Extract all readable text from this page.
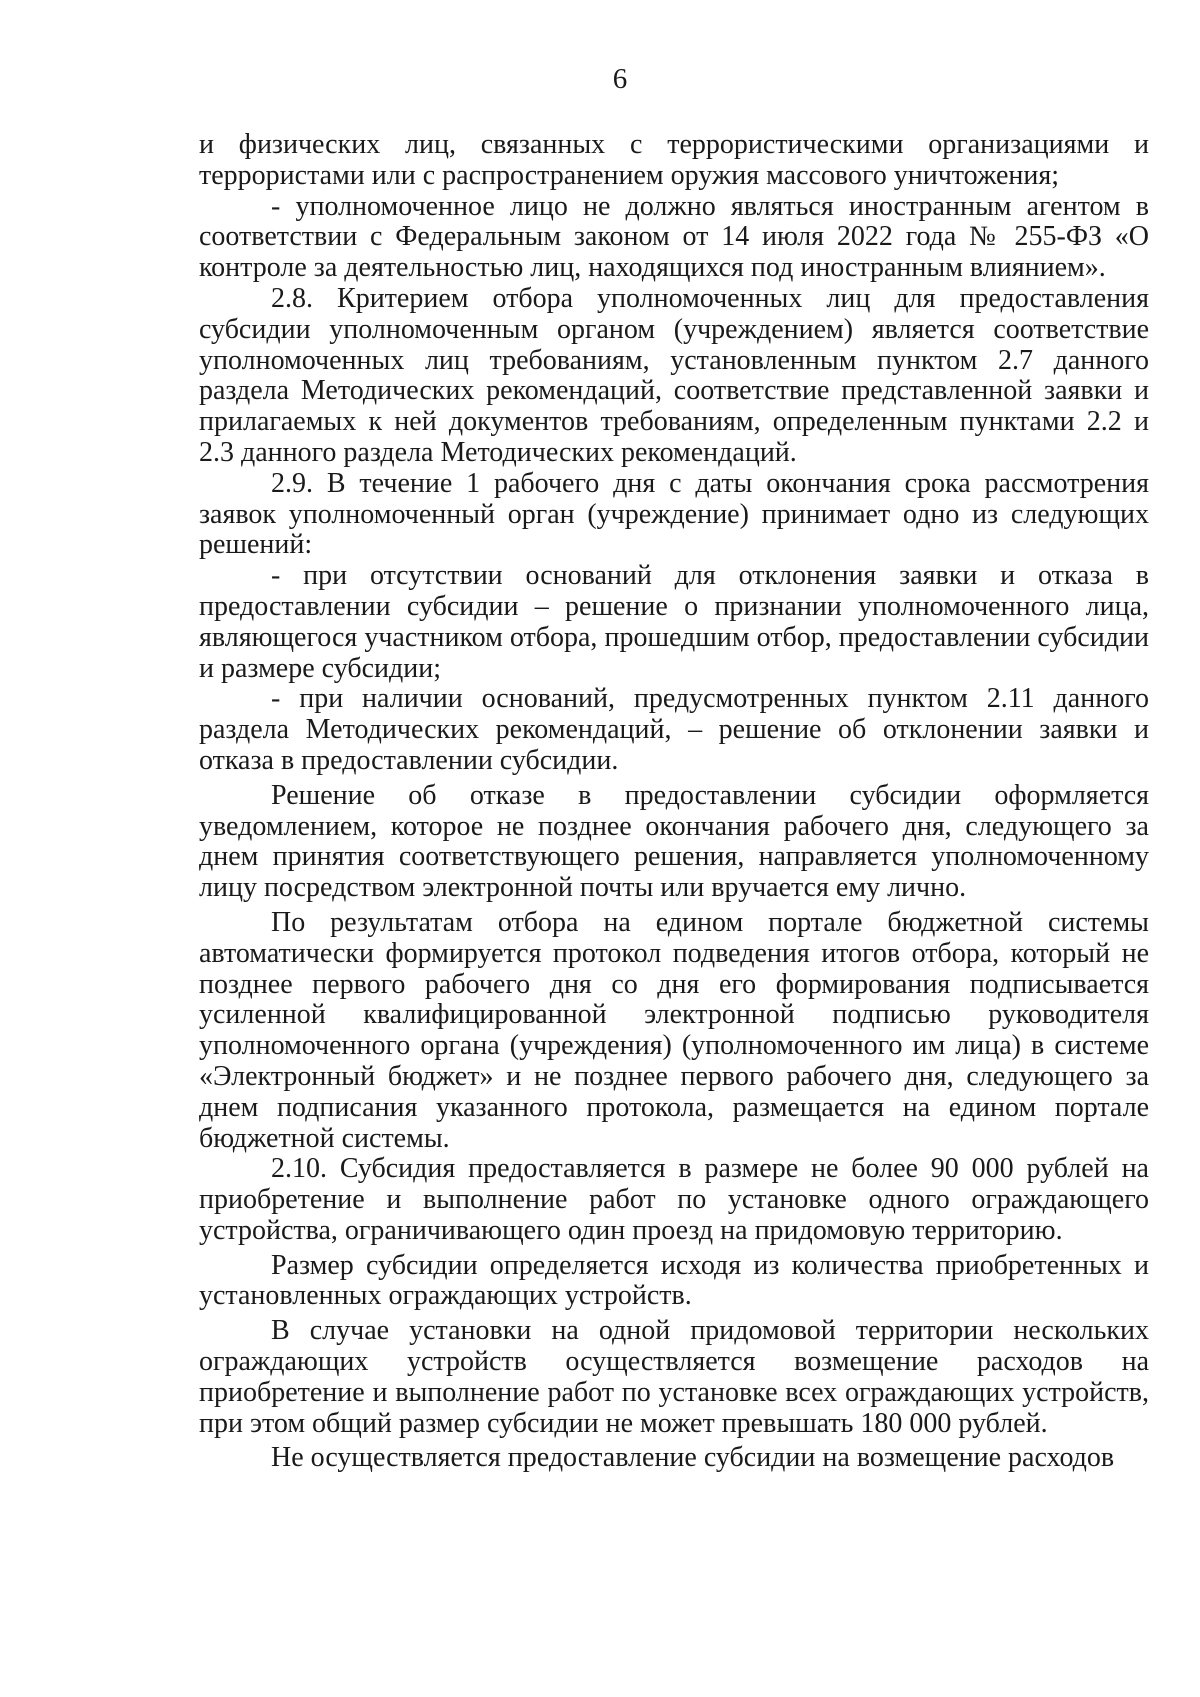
6

и физических лиц, связанных с террористическими организациями и террористами или с распространением оружия массового уничтожения;

- уполномоченное лицо не должно являться иностранным агентом в соответствии с Федеральным законом от 14 июля 2022 года № 255-ФЗ «О контроле за деятельностью лиц, находящихся под иностранным влиянием».

2.8. Критерием отбора уполномоченных лиц для предоставления субсидии уполномоченным органом (учреждением) является соответствие уполномоченных лиц требованиям, установленным пунктом 2.7 данного раздела Методических рекомендаций, соответствие представленной заявки и прилагаемых к ней документов требованиям, определенным пунктами 2.2 и 2.3 данного раздела Методических рекомендаций.

2.9. В течение 1 рабочего дня с даты окончания срока рассмотрения заявок уполномоченный орган (учреждение) принимает одно из следующих решений:

- при отсутствии оснований для отклонения заявки и отказа в предоставлении субсидии – решение о признании уполномоченного лица, являющегося участником отбора, прошедшим отбор, предоставлении субсидии и размере субсидии;

- при наличии оснований, предусмотренных пунктом 2.11 данного раздела Методических рекомендаций, – решение об отклонении заявки и отказа в предоставлении субсидии.

Решение об отказе в предоставлении субсидии оформляется уведомлением, которое не позднее окончания рабочего дня, следующего за днем принятия соответствующего решения, направляется уполномоченному лицу посредством электронной почты или вручается ему лично.

По результатам отбора на едином портале бюджетной системы автоматически формируется протокол подведения итогов отбора, который не позднее первого рабочего дня со дня его формирования подписывается усиленной квалифицированной электронной подписью руководителя уполномоченного органа (учреждения) (уполномоченного им лица) в системе «Электронный бюджет» и не позднее первого рабочего дня, следующего за днем подписания указанного протокола, размещается на едином портале бюджетной системы.

2.10. Субсидия предоставляется в размере не более 90 000 рублей на приобретение и выполнение работ по установке одного ограждающего устройства, ограничивающего один проезд на придомовую территорию.

Размер субсидии определяется исходя из количества приобретенных и установленных ограждающих устройств.

В случае установки на одной придомовой территории нескольких ограждающих устройств осуществляется возмещение расходов на приобретение и выполнение работ по установке всех ограждающих устройств, при этом общий размер субсидии не может превышать 180 000 рублей.

Не осуществляется предоставление субсидии на возмещение расходов
